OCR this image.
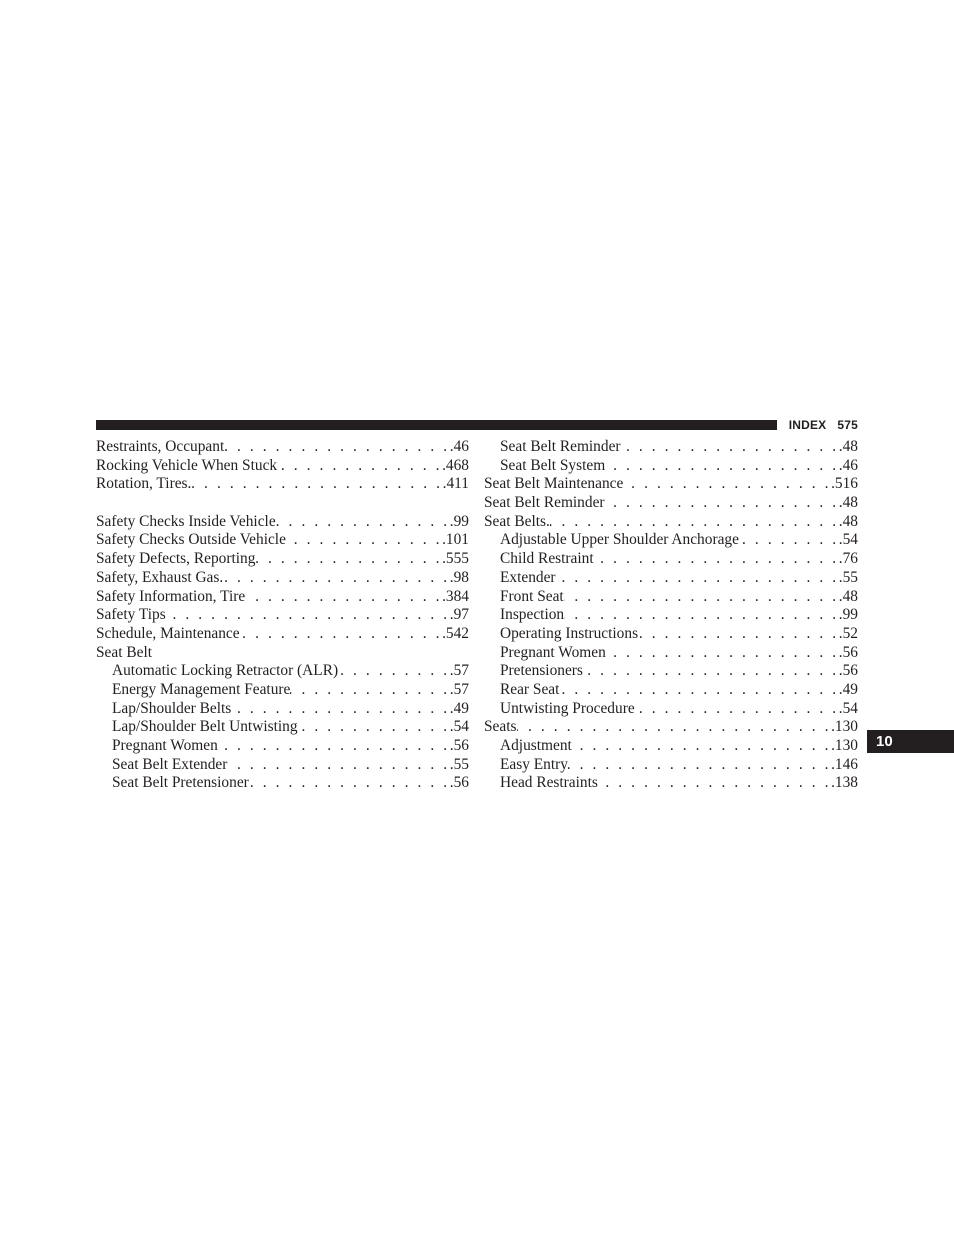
INDEX 575
Restraints, Occupant . . .	.46
Rocking Vehicle When Stuck . . .	.468
Rotation, Tires. . . .	.411
Safety Checks Inside Vehicle . . .	.99
Safety Checks Outside Vehicle . . .	.101
Safety Defects, Reporting . . .	.555
Safety, Exhaust Gas. . . .	.98
Safety Information, Tire . . .	.384
Safety Tips . . .	.97
Schedule, Maintenance . . .	.542
Seat Belt
Automatic Locking Retractor (ALR) . . .	.57
Energy Management Feature . . .	.57
Lap/Shoulder Belts . . .	.49
Lap/Shoulder Belt Untwisting . . .	.54
Pregnant Women . . .	.56
Seat Belt Extender . . .	.55
Seat Belt Pretensioner . . .	.56
Seat Belt Reminder . . .	.48
Seat Belt System . . .	.46
Seat Belt Maintenance . . .	.516
Seat Belt Reminder . . .	.48
Seat Belts. . . .	.48
Adjustable Upper Shoulder Anchorage . . .	.54
Child Restraint . . .	.76
Extender . . .	.55
Front Seat . . .	.48
Inspection . . .	.99
Operating Instructions . . .	.52
Pregnant Women . . .	.56
Pretensioners . . .	.56
Rear Seat . . .	.49
Untwisting Procedure . . .	.54
Seats . . .	.130
Adjustment . . .	.130
Easy Entry . . .	.146
Head Restraints . . .	.138
10
